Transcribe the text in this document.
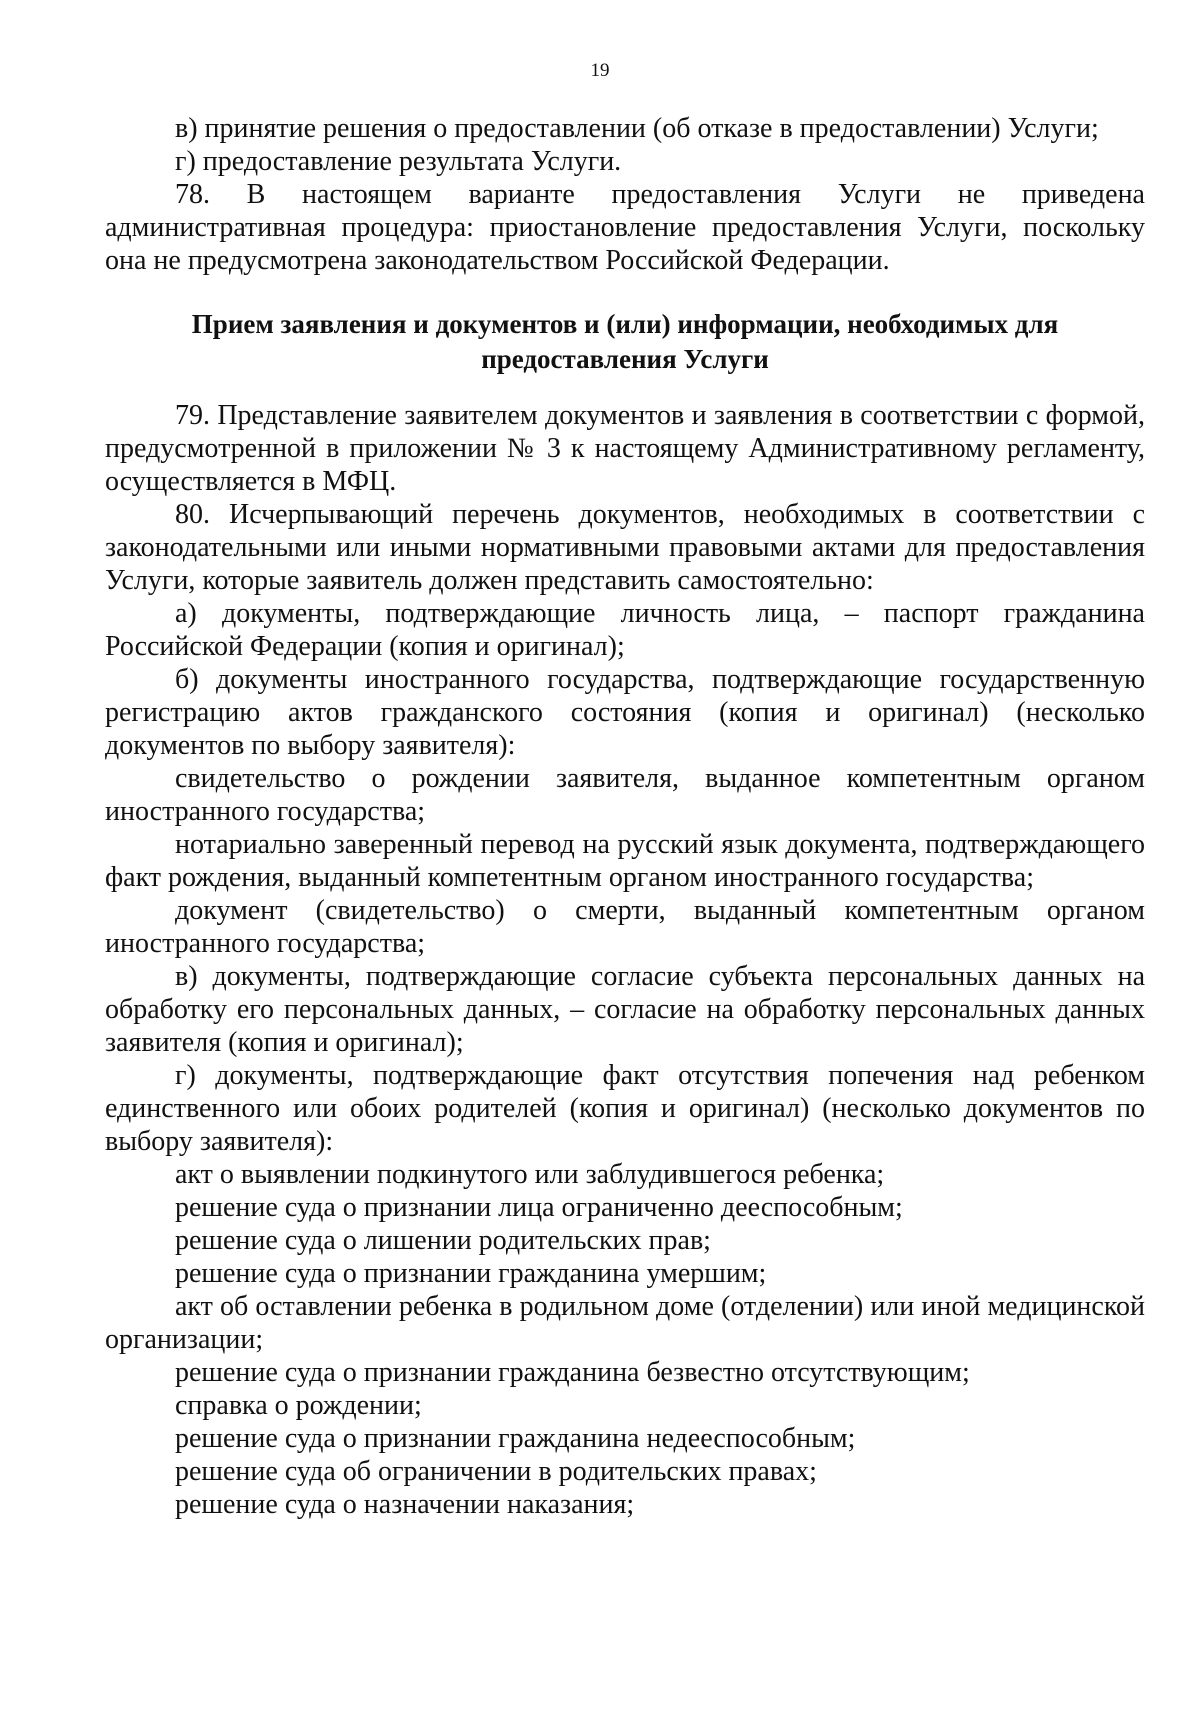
19

в) принятие решения о предоставлении (об отказе в предоставлении) Услуги;

г) предоставление результата Услуги.

78. В настоящем варианте предоставления Услуги не приведена административная процедура: приостановление предоставления Услуги, поскольку она не предусмотрена законодательством Российской Федерации.

Прием заявления и документов и (или) информации, необходимых для предоставления Услуги

79. Представление заявителем документов и заявления в соответствии с формой, предусмотренной в приложении № 3 к настоящему Административному регламенту, осуществляется в МФЦ.

80. Исчерпывающий перечень документов, необходимых в соответствии с законодательными или иными нормативными правовыми актами для предоставления Услуги, которые заявитель должен представить самостоятельно:

а) документы, подтверждающие личность лица, – паспорт гражданина Российской Федерации (копия и оригинал);

б) документы иностранного государства, подтверждающие государственную регистрацию актов гражданского состояния (копия и оригинал) (несколько документов по выбору заявителя):

свидетельство о рождении заявителя, выданное компетентным органом иностранного государства;

нотариально заверенный перевод на русский язык документа, подтверждающего факт рождения, выданный компетентным органом иностранного государства;

документ (свидетельство) о смерти, выданный компетентным органом иностранного государства;

в) документы, подтверждающие согласие субъекта персональных данных на обработку его персональных данных, – согласие на обработку персональных данных заявителя (копия и оригинал);

г) документы, подтверждающие факт отсутствия попечения над ребенком единственного или обоих родителей (копия и оригинал) (несколько документов по выбору заявителя):

акт о выявлении подкинутого или заблудившегося ребенка;

решение суда о признании лица ограниченно дееспособным;

решение суда о лишении родительских прав;

решение суда о признании гражданина умершим;

акт об оставлении ребенка в родильном доме (отделении) или иной медицинской организации;

решение суда о признании гражданина безвестно отсутствующим;

справка о рождении;

решение суда о признании гражданина недееспособным;

решение суда об ограничении в родительских правах;

решение суда о назначении наказания;
